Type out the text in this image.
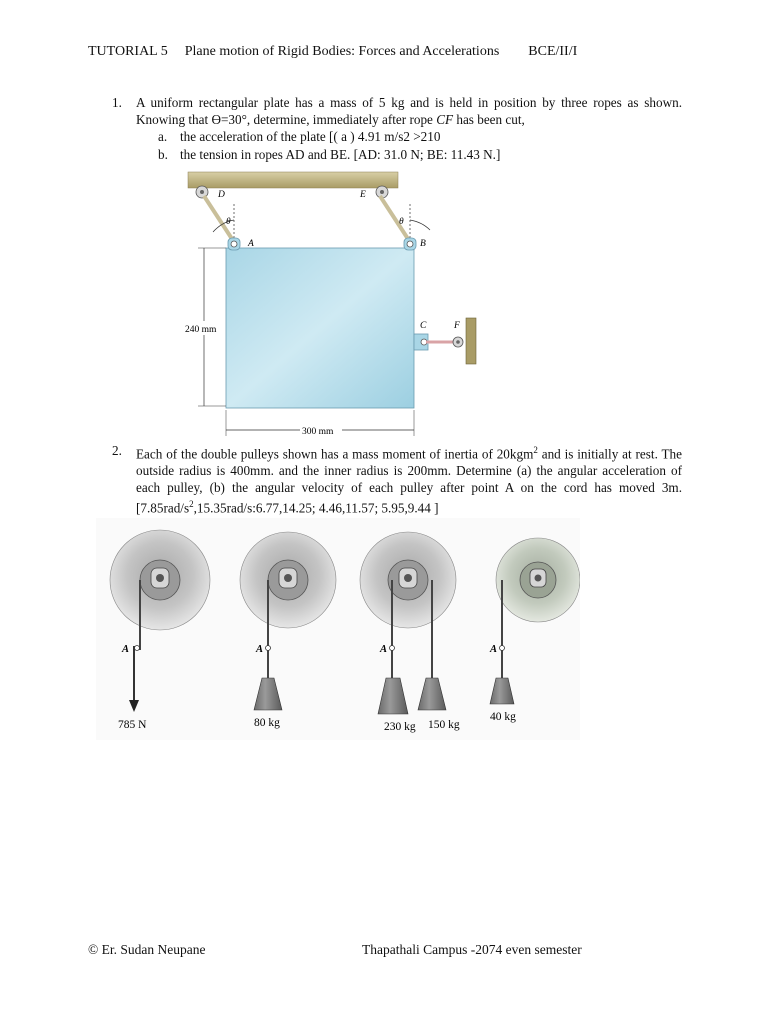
TUTORIAL 5 Plane motion of Rigid Bodies: Forces and Accelerations BCE/II/I
1. A uniform rectangular plate has a mass of 5 kg and is held in position by three ropes as shown. Knowing that ϴ=30°, determine, immediately after rope CF has been cut,
a. the acceleration of the plate [( a ) 4.91 m/s2 >210
b. the tension in ropes AD and BE. [AD: 31.0 N; BE: 11.43 N.]
D	E
A	B
C	F
θ	θ
240 mm
300 mm
2. Each of the double pulleys shown has a mass moment of inertia of 20kgm$^2$ and is initially at rest. The outside radius is 400mm. and the inner radius is 200mm. Determine (a) the angular acceleration of each pulley, (b) the angular velocity of each pulley after point A on the cord has moved 3m. [$7.85rad/s^2,15.35rad/s:6.77,14.25$; 4.46,11.57; 5.95,9.44 ]
A
785 N
A
80 kg
A
230 kg 150 kg
A
40 kg
© Er. Sudan Neupane	Thapathali Campus -2074 even semester
